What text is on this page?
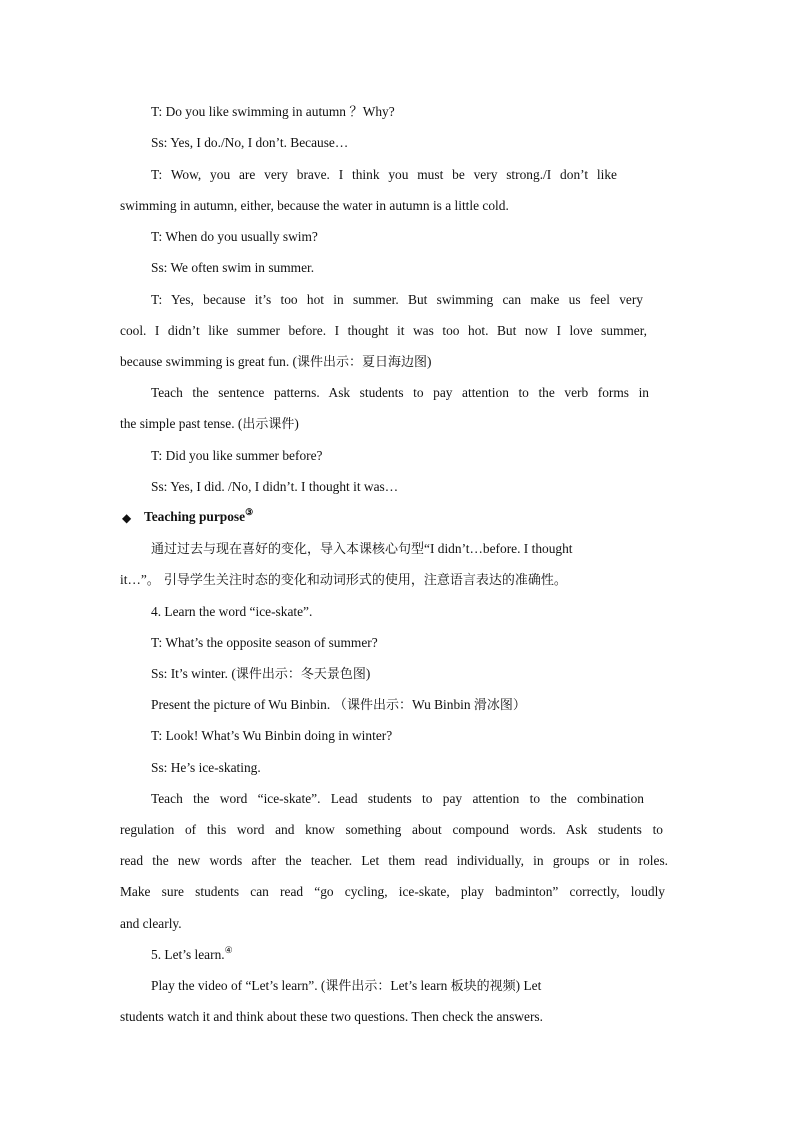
T: Do you like swimming in autumn ？Why?
Ss: Yes, I do./No, I don’t. Because…
T: Wow, you are very brave. I think you must be very strong./I don’t like
swimming in autumn, either, because the water in autumn is a little cold.
T: When do you usually swim?
Ss: We often swim in summer.
T: Yes, because it’s too hot in summer. But swimming can make us feel very
cool. I didn’t like summer before. I thought it was too hot. But now I love summer,
because swimming is great fun. (课件出示：夏日海边图)
Teach the sentence patterns. Ask students to pay attention to the verb forms in
the simple past tense. (出示课件)
T: Did you like summer before?
Ss: Yes, I did. /No, I didn’t. I thought it was…
◆ Teaching purpose③
通过过去与现在喜好的变化，导入本课核心句型“I didn’t…before. I thought
it…”。 引导学生关注时态的变化和动词形式的使用，注意语言表达的准确性。
4. Learn the word “ice-skate”.
T: What’s the opposite season of summer?
Ss: It’s winter. (课件出示：冬天景色图)
Present the picture of Wu Binbin. （课件出示：Wu Binbin 滑冰图）
T: Look! What’s Wu Binbin doing in winter?
Ss: He’s ice-skating.
Teach the word “ice-skate”. Lead students to pay attention to the combination
regulation of this word and know something about compound words. Ask students to
read the new words after the teacher. Let them read individually, in groups or in roles.
Make sure students can read “go cycling, ice-skate, play badminton” correctly, loudly
and clearly.
5. Let’s learn.④
Play the video of “Let’s learn”. (课件出示：Let’s learn 板块的视频) Let
students watch it and think about these two questions. Then check the answers.
